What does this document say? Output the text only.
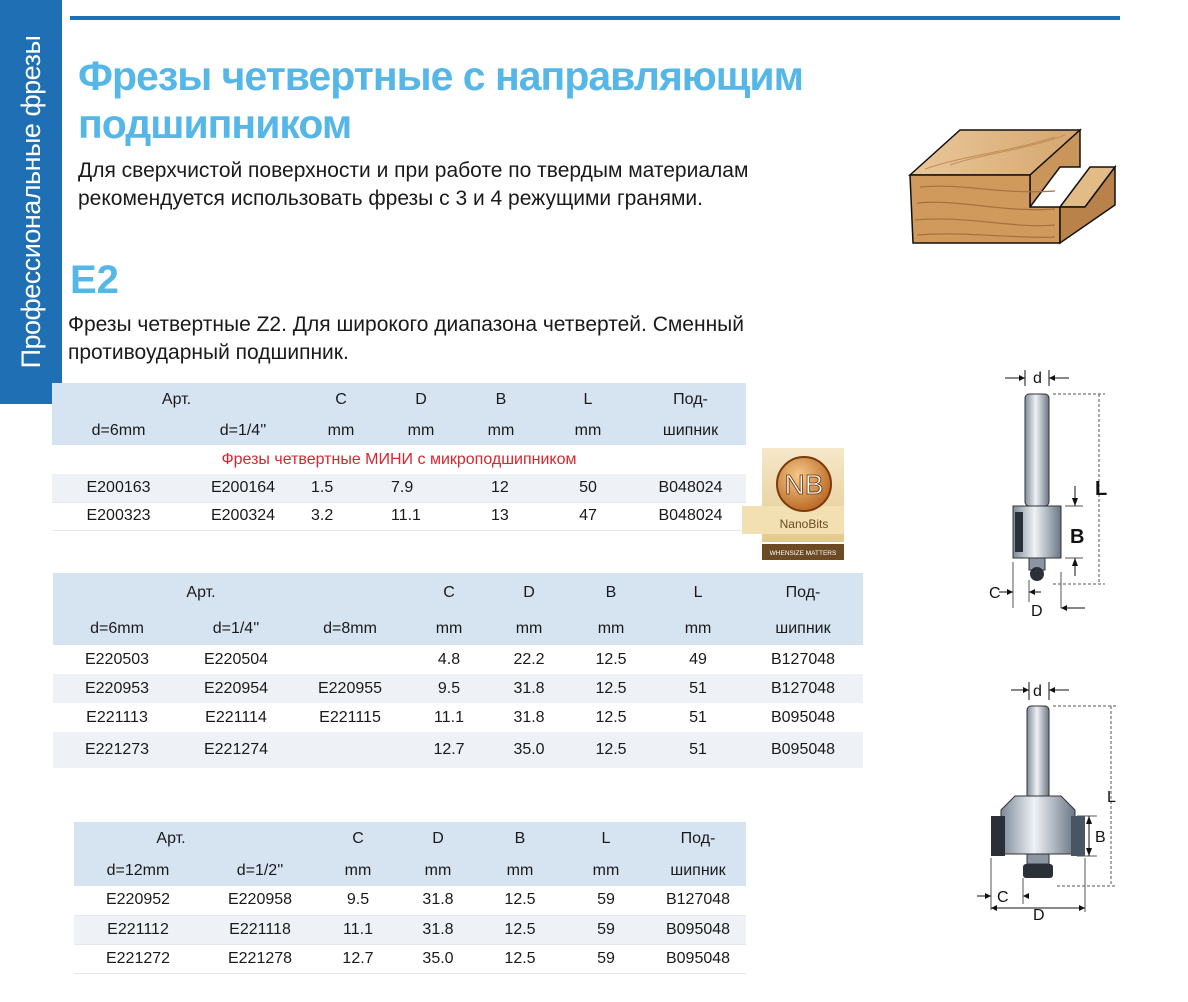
Профессиональные фрезы Фрезы четвертные с направляющим подшипником

Для сверхчистой поверхности и при работе по твердым материалам рекомендуется использовать фрезы с 3 и 4 режущими гранями.

E2

Фрезы четвертные Z2. Для широкого диапазона четвертей. Сменный противоударный подшипник.

Арт.		C	D	B	L	Под-
d=6mm	d=1/4''	mm	mm	mm	mm	шипник
Фрезы четвертные МИНИ с микроподшипником						
E200163	E200164	1.5	7.9	12	50	B048024
E200323	E200324	3.2	11.1	13	47	B048024
NB
NanoBits
WHENSIZE MATTERS
Арт.			C	D	B	L	Под-
d=6mm	d=1/4''	d=8mm	mm	mm	mm	mm	шипник
E220503	E220504		4.8	22.2	12.5	49	B127048
E220953	E220954	E220955	9.5	31.8	12.5	51	B127048
E221113	E221114	E221115	11.1	31.8	12.5	51	B095048
E221273	E221274		12.7	35.0	12.5	51	B095048
Арт.		C	D	B	L	Под-
d=12mm	d=1/2''	mm	mm	mm	mm	шипник
E220952	E220958	9.5	31.8	12.5	59	B127048
E221112	E221118	11.1	31.8	12.5	59	B095048
E221272	E221278	12.7	35.0	12.5	59	B095048
d
L
B
C
D
d
L
B
C
D
